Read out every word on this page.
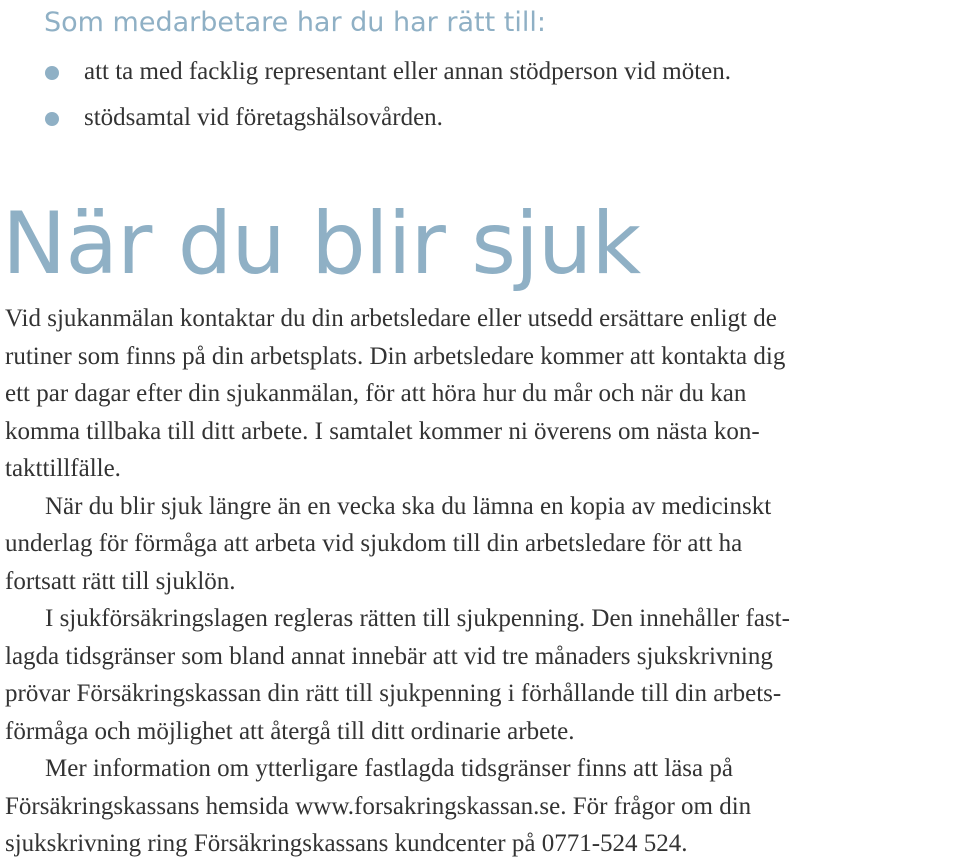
Som medarbetare har du har rätt till:
att ta med facklig representant eller annan stödperson vid möten.
stödsamtal vid företagshälsovården.
När du blir sjuk
Vid sjukanmälan kontaktar du din arbetsledare eller utsedd ersättare enligt de
rutiner som finns på din arbetsplats. Din arbetsledare kommer att kontakta dig
ett par dagar efter din sjukanmälan, för att höra hur du mår och när du kan
komma tillbaka till ditt arbete. I samtalet kommer ni överens om nästa kon-
takttillfälle.
När du blir sjuk längre än en vecka ska du lämna en kopia av medicinskt
underlag för förmåga att arbeta vid sjukdom till din arbetsledare för att ha
fortsatt rätt till sjuklön.
I sjukförsäkringslagen regleras rätten till sjukpenning. Den innehåller fast-
lagda tidsgränser som bland annat innebär att vid tre månaders sjukskrivning
prövar Försäkringskassan din rätt till sjukpenning i förhållande till din arbets-
förmåga och möjlighet att återgå till ditt ordinarie arbete.
Mer information om ytterligare fastlagda tidsgränser finns att läsa på
Försäkringskassans hemsida www.forsakringskassan.se. För frågor om din
sjukskrivning ring Försäkringskassans kundcenter på 0771-524 524.
